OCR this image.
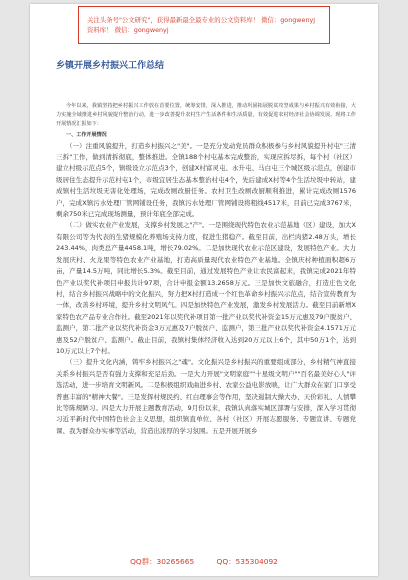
关注头条号"公文研究"，获得最新最全最专业的公文资料库！ 微信：gongwenyj
资料库！ 微信：gongwenyj
乡镇开展乡村振兴工作总结

今年以来，我镇坚持把乡村振兴工作放在首要位置，统筹安排，深入推进，推动巩固拓展脱贫攻坚成果与乡村振兴有效衔接，大力实施全域推进乡村风貌提升整治行动，进一步改善提升农村生产生活条件和生活质量，有效促进农村经济社会协调发展。现将工作开展情况汇报如下：

一、工作开展情况

（一）注重风貌提升，打造乡村振兴之"美"。一是充分发动党员群众积极参与乡村风貌提升村屯"三清三拆"工作，做到清拆彻底，整体推进。全镇188个村屯基本完成整治，实现应拆尽拆，每个村（社区）建立村级示范点5个，镇级设立示范点3个，创建X村富灵屯、永升屯、马白屯三个城区级示范点，创建市级居住生态提升示范村屯1个，市级宜居生态基本整治村屯4个，先后建成X村等4个生活垃圾中转站，建成镇村生活垃圾无害化处理场，完成改厕改厨任务。农村卫生改厕改厨顺利推进，累计完成改厕1576户，完成X镇污水处理厂管网铺设任务，我镇污水处理厂管网铺设将粗线4517米，目前已完成3767米，剩余750米已完成现场测量，预计年底全部完成。

（二）做实农业产业发展，支撑乡村发展之"产"。一是围绕现代特色农业示范基地（区）建设，加大X有限公司等为代表的生猪规模化养殖场支持力度，促进生猪稳产。截至目前，出栏肉猪2.48万头，增长243.44%，肉类总产量4458.1吨，增长79.02%。二是加快现代农业示范区建设，发展特色产业。大力发展庆村、火龙果等特色农业产业基地，打造高质量现代农业特色产业基地。全镇庆村种植面积超6万亩，产量14.5万吨，同比增长5.3%。截至目前，通过发展特色产业让农民富起来，我镇完成2021年特色产业以奖代补项目申报共计97项，合计申报金额13.2658万元。三是加快文旅融合，打造庄色文化村，结合乡村振兴战略中的文化振兴，努力把X村打造成一个红色革命乡村振兴示范点，结合宣传教育为一体，改善乡村环境，提升乡村文明风气。四是加快特色产业发展，激发乡村发展活力。截至目前新增X家特色农产品专业合作社。截至2021年以奖代补项目第一批产业以奖代补资金15万元惠及79户脱贫户、监测户，第二批产业以奖代补资金3万元惠及7户脱贫户、监测户，第三批产业以奖代补资金4.1571万元惠及52户脱贫户、监测户。截止目前，我镇村集体经济收入达到20万元以上6个，其中50万1个，达到10万元以上7个村。

（三）提升文化内涵，铸牢乡村振兴之"魂"。文化振兴是乡村振兴的重要组成部分，乡村精气神直接关系乡村振兴是否有强力支撑和充足后劲。一是大力开展"文明家庭""十星级文明户""百名最美好心人"评选活动，进一步培育文明新风。二是积极组织戏曲进乡村、农家公益电影放映，让广大群众在家门口享受普惠丰富的"精神大餐"。三是发挥村规民约、红白理事会等作用，坚决遏制大操大办、天价彩礼、人情攀比等陈规陋习。四是大力开展主题教育活动，9月份以来，我镇认真落实城区部署与安排，深入学习贯彻习近平新时代中国特色社会主义思想，组织镇直单位、各村（社区）开展志愿服务、专题宣讲、专题党课、我为群众办实事等活动，营造出浓厚的学习氛围。五是开展开展乡

QQ群：30265665	QQ：535304092
